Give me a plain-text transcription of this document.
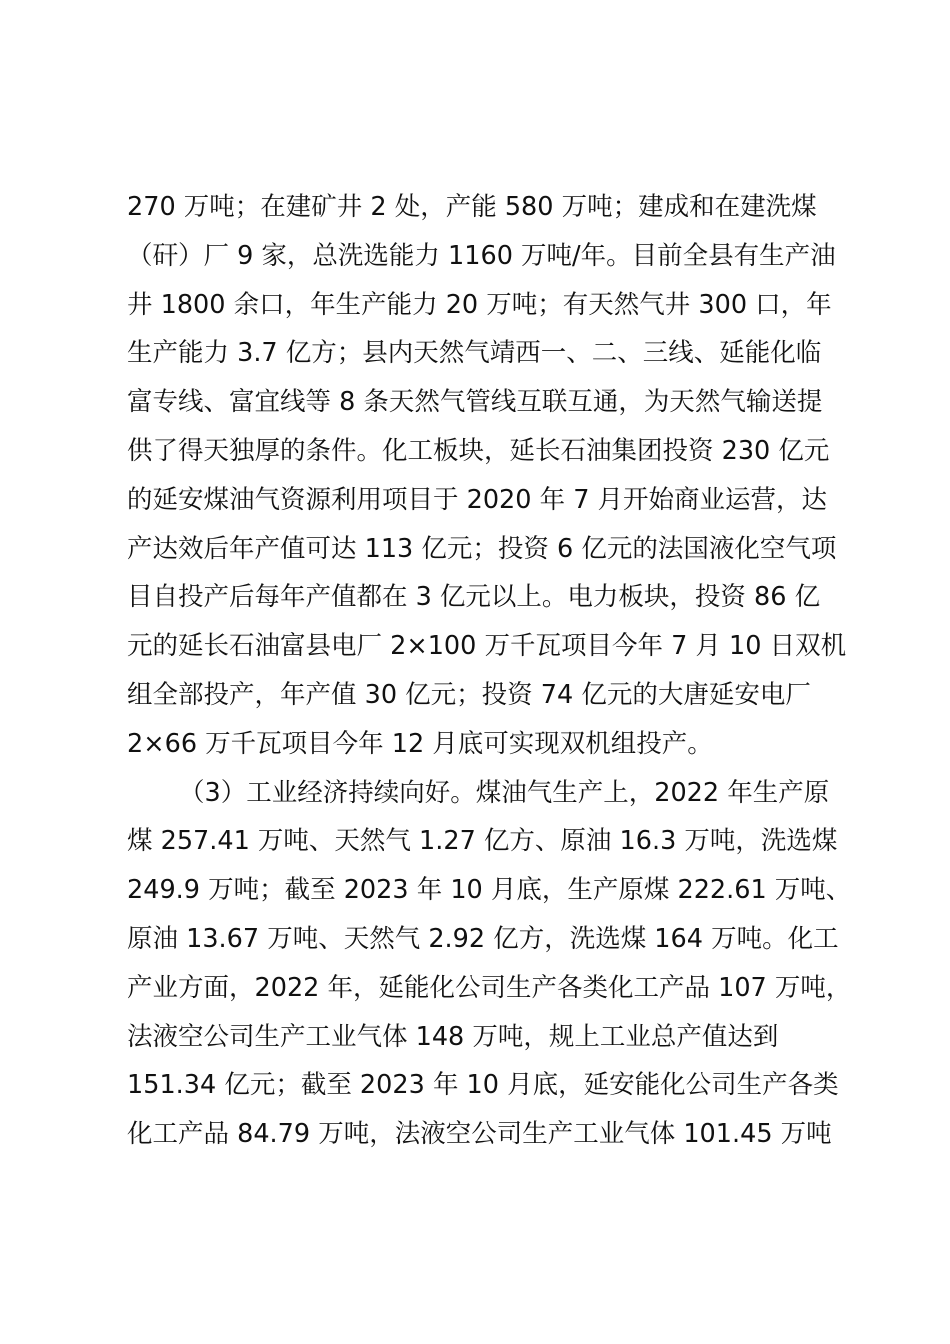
270 万吨；在建矿井 2 处，产能 580 万吨；建成和在建洗煤
（矸）厂 9 家，总洗选能力 1160 万吨/年。目前全县有生产油
井 1800 余口，年生产能力 20 万吨；有天然气井 300 口，年
生产能力 3.7 亿方；县内天然气靖西一、二、三线、延能化临
富专线、富宜线等 8 条天然气管线互联互通，为天然气输送提
供了得天独厚的条件。化工板块，延长石油集团投资 230 亿元
的延安煤油气资源利用项目于 2020 年 7 月开始商业运营，达
产达效后年产值可达 113 亿元；投资 6 亿元的法国液化空气项
目自投产后每年产值都在 3 亿元以上。电力板块，投资 86 亿
元的延长石油富县电厂 2×100 万千瓦项目今年 7 月 10 日双机
组全部投产，年产值 30 亿元；投资 74 亿元的大唐延安电厂
2×66 万千瓦项目今年 12 月底可实现双机组投产。
（3）工业经济持续向好。煤油气生产上，2022 年生产原
煤 257.41 万吨、天然气 1.27 亿方、原油 16.3 万吨，洗选煤
249.9 万吨；截至 2023 年 10 月底，生产原煤 222.61 万吨、
原油 13.67 万吨、天然气 2.92 亿方，洗选煤 164 万吨。化工
产业方面，2022 年，延能化公司生产各类化工产品 107 万吨，
法液空公司生产工业气体 148 万吨，规上工业总产值达到
151.34 亿元；截至 2023 年 10 月底，延安能化公司生产各类
化工产品 84.79 万吨，法液空公司生产工业气体 101.45 万吨
